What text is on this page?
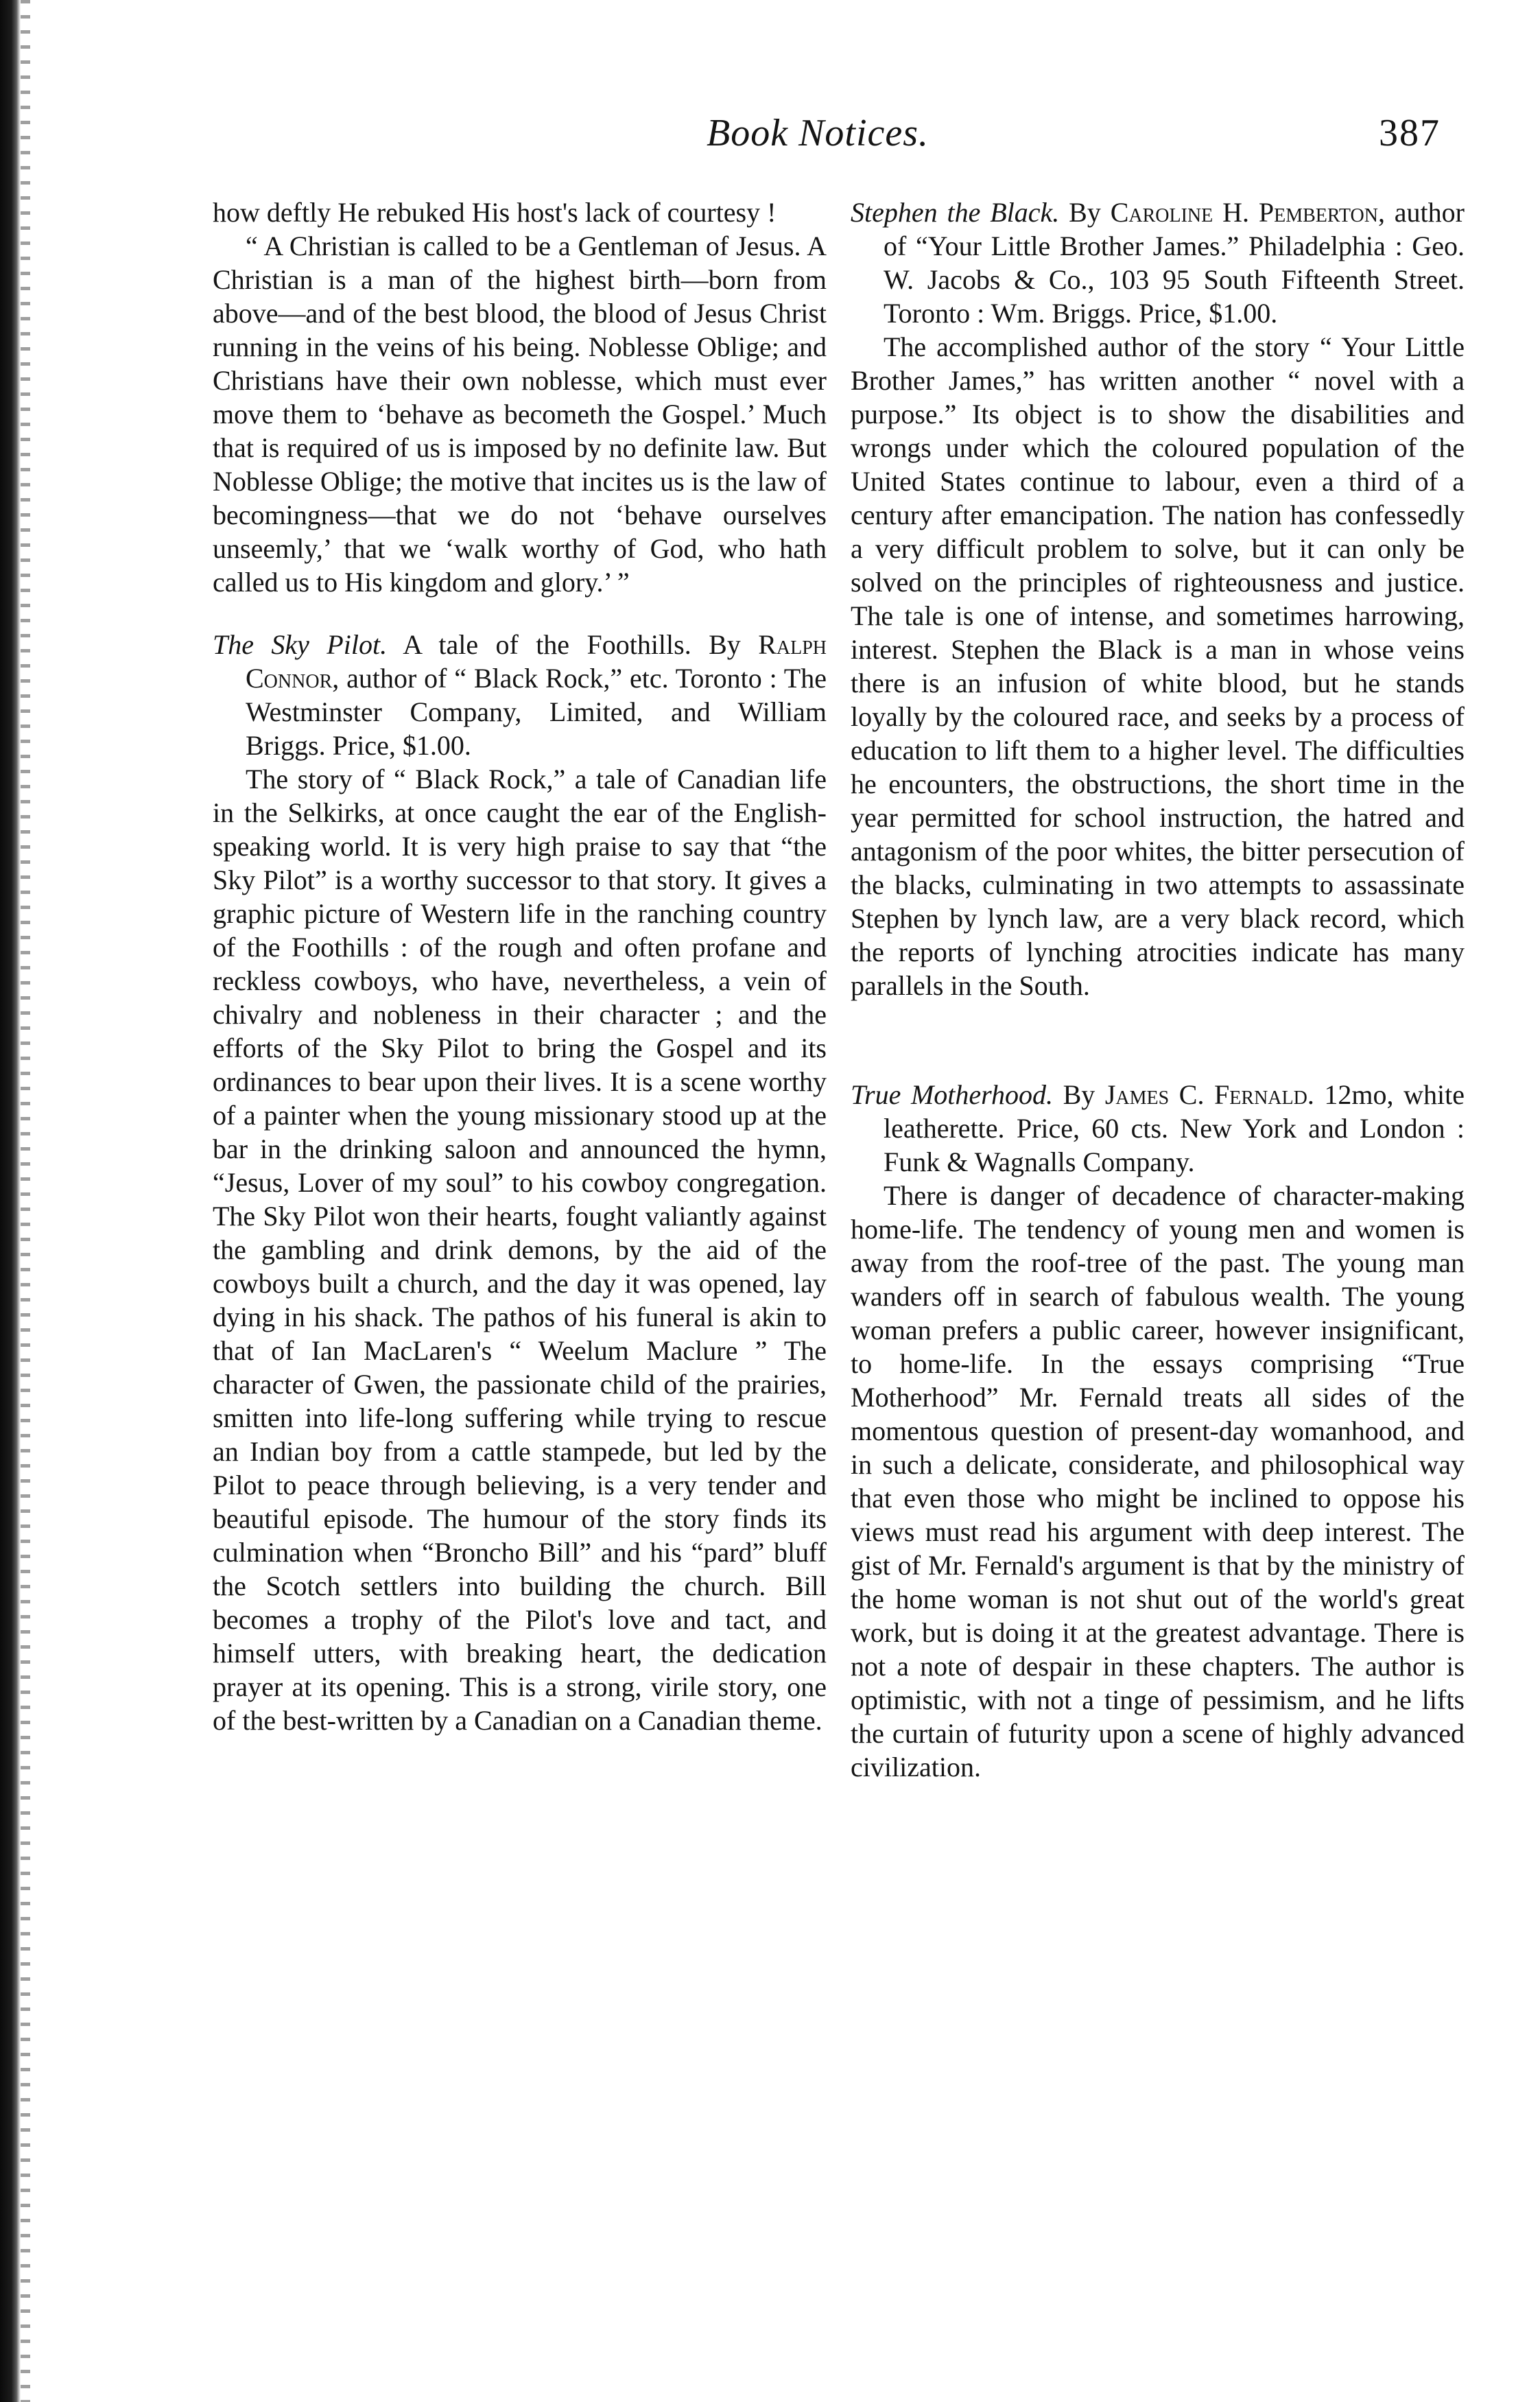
Book Notices.	387

how deftly He rebuked His host's lack of courtesy !

“ A Christian is called to be a Gentleman of Jesus. A Christian is a man of the highest birth—born from above—and of the best blood, the blood of Jesus Christ running in the veins of his being. Noblesse Oblige; and Christians have their own noblesse, which must ever move them to ‘behave as becometh the Gospel.’ Much that is required of us is imposed by no definite law. But Noblesse Oblige; the motive that incites us is the law of becomingness—that we do not ‘behave ourselves unseemly,’ that we ‘walk worthy of God, who hath called us to His kingdom and glory.’ ”

The Sky Pilot. A tale of the Foothills. By Ralph Connor, author of “ Black Rock,” etc. Toronto : The Westminster Company, Limited, and William Briggs. Price, $1.00.

The story of “ Black Rock,” a tale of Canadian life in the Selkirks, at once caught the ear of the English-speaking world. It is very high praise to say that “the Sky Pilot” is a worthy successor to that story. It gives a graphic picture of Western life in the ranching country of the Foothills : of the rough and often profane and reckless cowboys, who have, nevertheless, a vein of chivalry and nobleness in their character ; and the efforts of the Sky Pilot to bring the Gospel and its ordinances to bear upon their lives. It is a scene worthy of a painter when the young missionary stood up at the bar in the drinking saloon and announced the hymn, “Jesus, Lover of my soul” to his cowboy congregation. The Sky Pilot won their hearts, fought valiantly against the gambling and drink demons, by the aid of the cowboys built a church, and the day it was opened, lay dying in his shack. The pathos of his funeral is akin to that of Ian MacLaren's “ Weelum Maclure ” The character of Gwen, the passionate child of the prairies, smitten into life-long suffering while trying to rescue an Indian boy from a cattle stampede, but led by the Pilot to peace through believing, is a very tender and beautiful episode. The humour of the story finds its culmination when “Broncho Bill” and his “pard” bluff the Scotch settlers into building the church. Bill becomes a trophy of the Pilot's love and tact, and himself utters, with breaking heart, the dedication prayer at its opening. This is a strong, virile story, one of the best-written by a Canadian on a Canadian theme.

Stephen the Black. By Caroline H. Pemberton, author of “Your Little Brother James.” Philadelphia : Geo. W. Jacobs & Co., 103 95 South Fifteenth Street. Toronto : Wm. Briggs. Price, $1.00.

The accomplished author of the story “ Your Little Brother James,” has written another “ novel with a purpose.” Its object is to show the disabilities and wrongs under which the coloured population of the United States continue to labour, even a third of a century after emancipation. The nation has confessedly a very difficult problem to solve, but it can only be solved on the principles of righteousness and justice. The tale is one of intense, and sometimes harrowing, interest. Stephen the Black is a man in whose veins there is an infusion of white blood, but he stands loyally by the coloured race, and seeks by a process of education to lift them to a higher level. The difficulties he encounters, the obstructions, the short time in the year permitted for school instruction, the hatred and antagonism of the poor whites, the bitter persecution of the blacks, culminating in two attempts to assassinate Stephen by lynch law, are a very black record, which the reports of lynching atrocities indicate has many parallels in the South.

True Motherhood. By James C. Fernald. 12mo, white leatherette. Price, 60 cts. New York and London : Funk & Wagnalls Company.

There is danger of decadence of character-making home-life. The tendency of young men and women is away from the roof-tree of the past. The young man wanders off in search of fabulous wealth. The young woman prefers a public career, however insignificant, to home-life. In the essays comprising “True Motherhood” Mr. Fernald treats all sides of the momentous question of present-day womanhood, and in such a delicate, considerate, and philosophical way that even those who might be inclined to oppose his views must read his argument with deep interest. The gist of Mr. Fernald's argument is that by the ministry of the home woman is not shut out of the world's great work, but is doing it at the greatest advantage. There is not a note of despair in these chapters. The author is optimistic, with not a tinge of pessimism, and he lifts the curtain of futurity upon a scene of highly advanced civilization.
